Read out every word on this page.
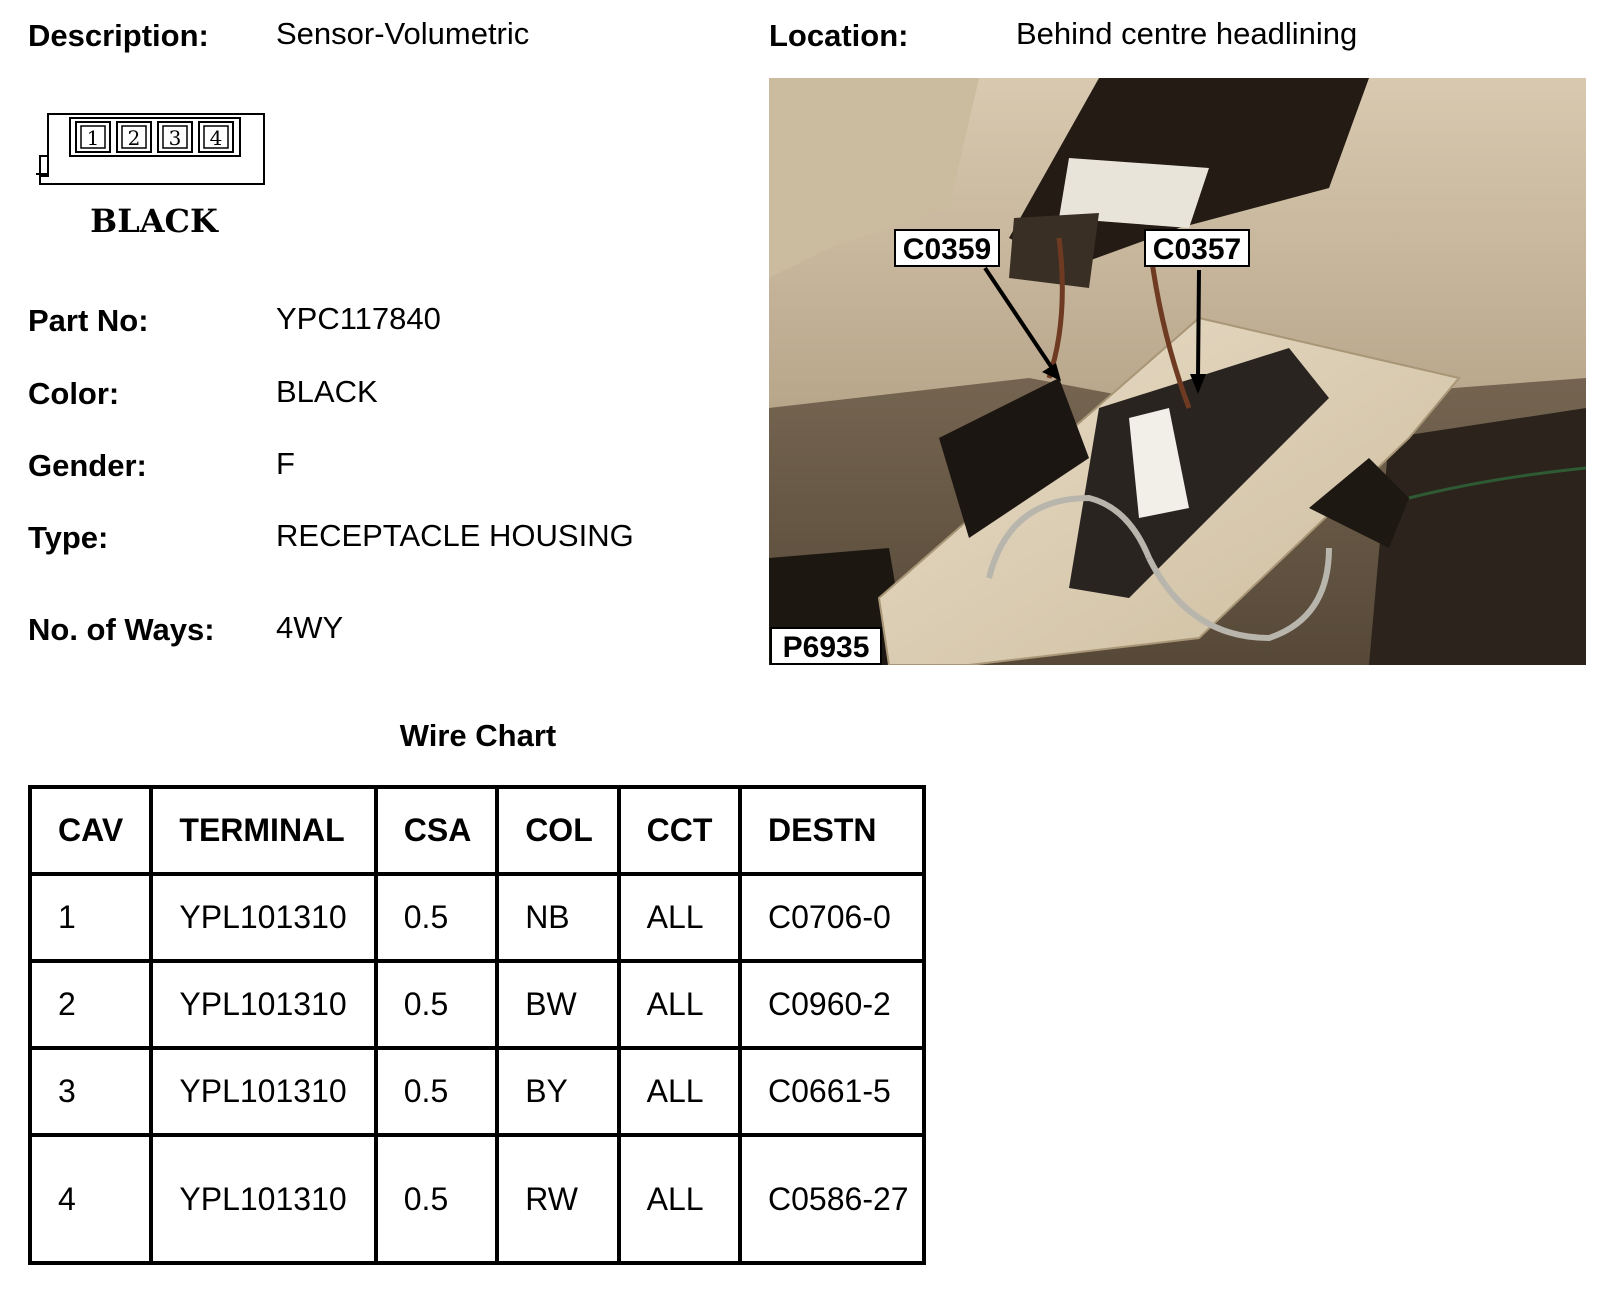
Description: Sensor-Volumetric	Location:	Behind centre headlining
1 2 3 4
BLACK
Part No:	YPC117840
Color:	BLACK
Gender:	F
Type:	RECEPTACLE HOUSING
No. of Ways: 4WY
C0359	C0357
P6935
Wire Chart
CAV	TERMINAL	CSA	COL	CCT	DESTN
1	YPL101310	0.5	NB	ALL	C0706-0
2	YPL101310	0.5	BW	ALL	C0960-2
3	YPL101310	0.5	BY	ALL	C0661-5
4	YPL101310	0.5	RW	ALL	C0586-27
